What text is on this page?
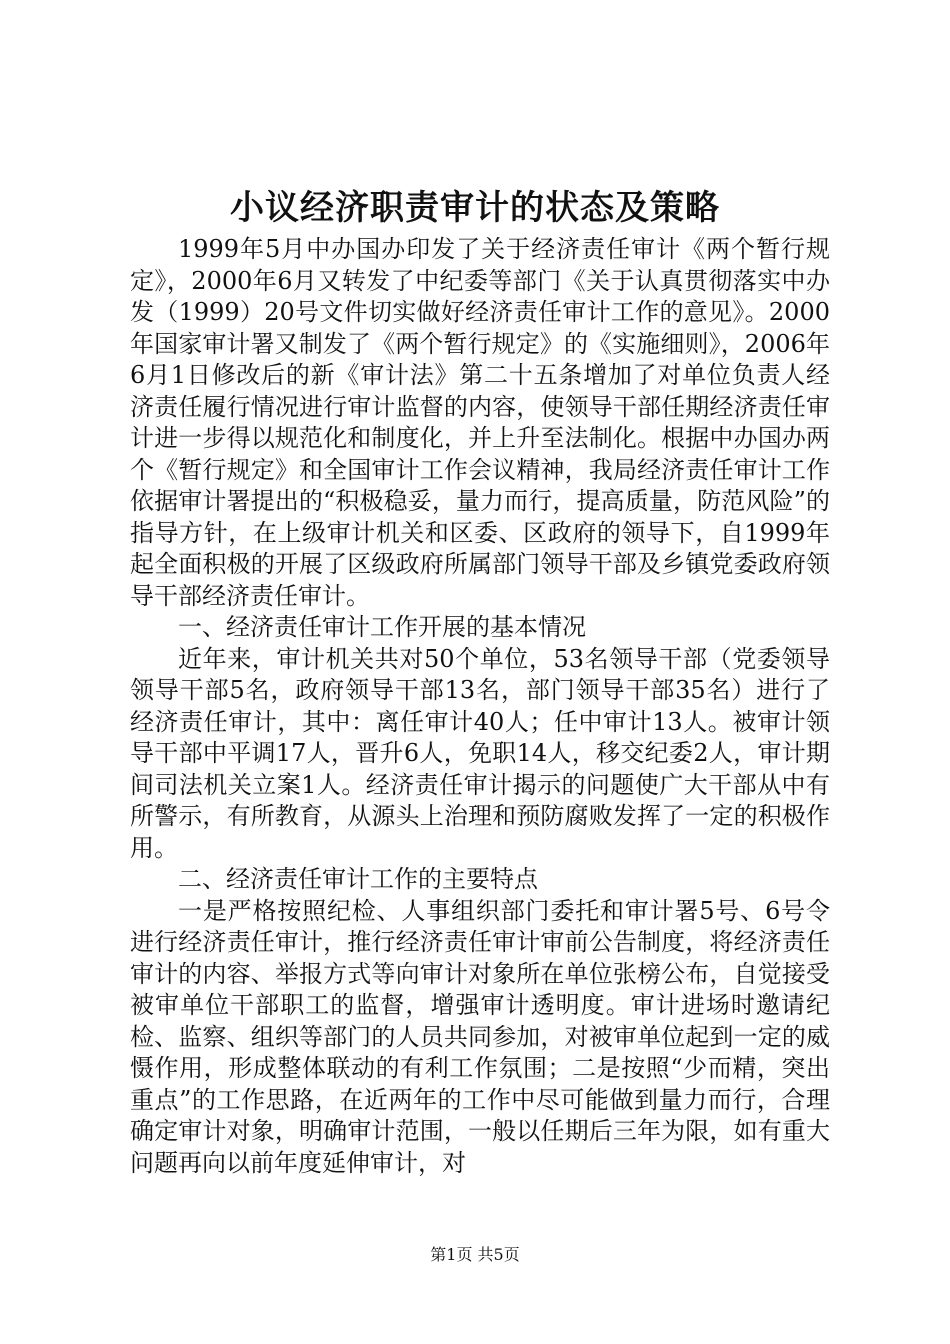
小议经济职责审计的状态及策略

1999年5月中办国办印发了关于经济责任审计《两个暂行规定》，2000年6月又转发了中纪委等部门《关于认真贯彻落实中办发（1999）20号文件切实做好经济责任审计工作的意见》。2000年国家审计署又制发了《两个暂行规定》的《实施细则》，2006年6月1日修改后的新《审计法》第二十五条增加了对单位负责人经济责任履行情况进行审计监督的内容，使领导干部任期经济责任审计进一步得以规范化和制度化，并上升至法制化。根据中办国办两个《暂行规定》和全国审计工作会议精神，我局经济责任审计工作依据审计署提出的“积极稳妥，量力而行，提高质量，防范风险”的指导方针，在上级审计机关和区委、区政府的领导下，自1999年起全面积极的开展了区级政府所属部门领导干部及乡镇党委政府领导干部经济责任审计。

一、经济责任审计工作开展的基本情况

近年来，审计机关共对50个单位，53名领导干部（党委领导领导干部5名，政府领导干部13名，部门领导干部35名）进行了经济责任审计，其中：离任审计40人；任中审计13人。被审计领导干部中平调17人，晋升6人，免职14人，移交纪委2人，审计期间司法机关立案1人。经济责任审计揭示的问题使广大干部从中有所警示，有所教育，从源头上治理和预防腐败发挥了一定的积极作用。

二、经济责任审计工作的主要特点

一是严格按照纪检、人事组织部门委托和审计署5号、6号令进行经济责任审计，推行经济责任审计审前公告制度，将经济责任审计的内容、举报方式等向审计对象所在单位张榜公布，自觉接受被审单位干部职工的监督，增强审计透明度。审计进场时邀请纪检、监察、组织等部门的人员共同参加，对被审单位起到一定的威慑作用，形成整体联动的有利工作氛围；二是按照“少而精，突出重点”的工作思路，在近两年的工作中尽可能做到量力而行，合理确定审计对象，明确审计范围，一般以任期后三年为限，如有重大问题再向以前年度延伸审计，对

第1页 共5页
